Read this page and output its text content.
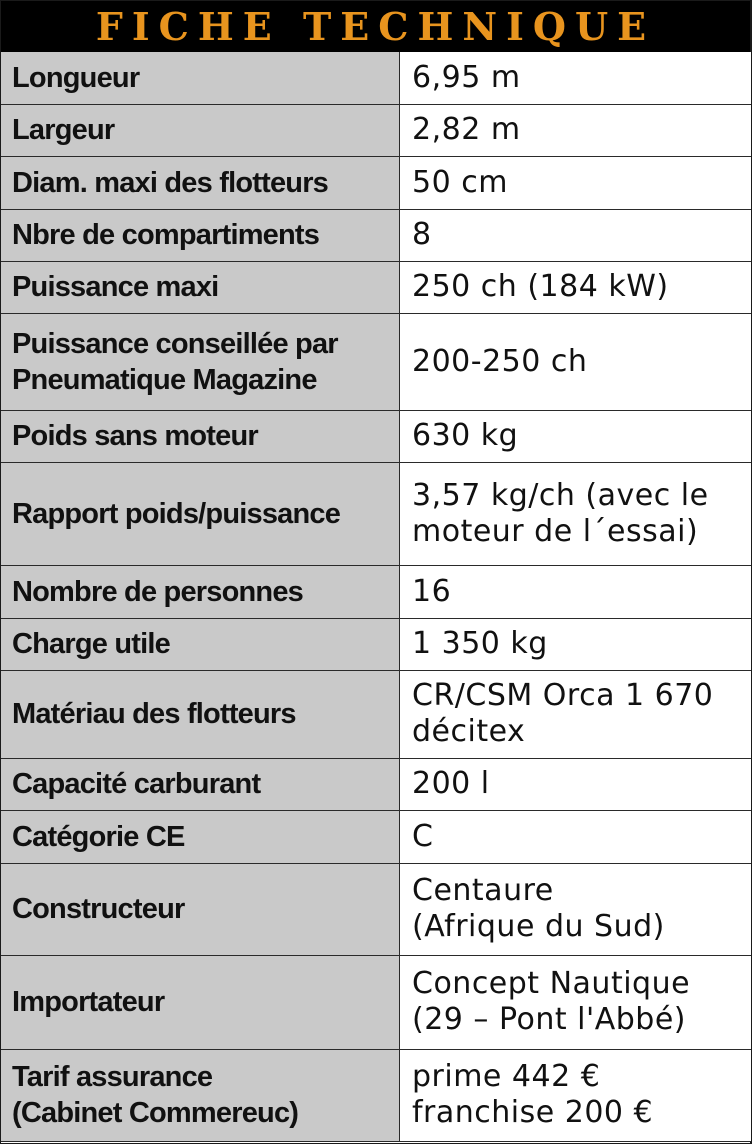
FICHE TECHNIQUE
Longueur	6,95 m

Largeur	2,82 m

Diam. maxi des flotteurs	50 cm

Nbre de compartiments	8

Puissance maxi	250 ch (184 kW)

Puissance conseillée par
Pneumatique Magazine	200-250 ch

Poids sans moteur	630 kg

Rapport poids/puissance	3,57 kg/ch (avec le
moteur de l´essai)

Nombre de personnes	16

Charge utile	1 350 kg

Matériau des flotteurs	CR/CSM Orca 1 670
décitex

Capacité carburant	200 l

Catégorie CE	C

Constructeur	Centaure
(Afrique du Sud)

Importateur	Concept Nautique
(29 – Pont l'Abbé)

Tarif assurance
(Cabinet Commereuc)	prime 442 €
franchise 200 €
